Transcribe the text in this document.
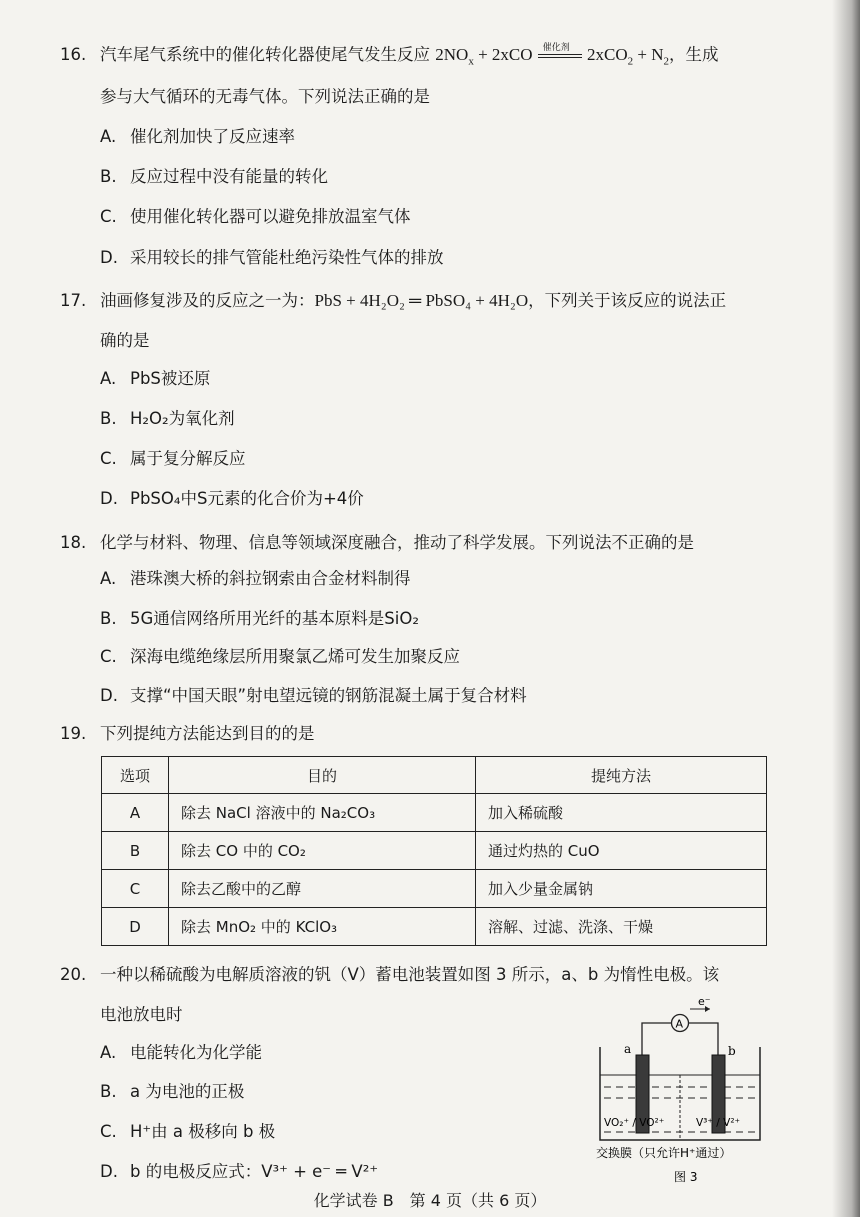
16. 汽车尾气系统中的催化转化器使尾气发生反应 $2NO_x + 2xCO$ 催化剂 $2xCO_2 + N_2$，生成
参与大气循环的无毒气体。下列说法正确的是
A. 催化剂加快了反应速率
B. 反应过程中没有能量的转化
C. 使用催化转化器可以避免排放温室气体
D. 采用较长的排气管能杜绝污染性气体的排放
17. 油画修复涉及的反应之一为：PbS + 4H₂O₂ ═ PbSO₄ + 4H₂O，下列关于该反应的说法正
确的是
A. PbS被还原
B. H₂O₂为氧化剂
C. 属于复分解反应
D. PbSO₄中S元素的化合价为+4价
18. 化学与材料、物理、信息等领域深度融合，推动了科学发展。下列说法不正确的是
A. 港珠澳大桥的斜拉钢索由合金材料制得
B. 5G通信网络所用光纤的基本原料是SiO₂
C. 深海电缆绝缘层所用聚氯乙烯可发生加聚反应
D. 支撑“中国天眼”射电望远镜的钢筋混凝土属于复合材料
19. 下列提纯方法能达到目的的是
选项	目的	提纯方法
A	除去 NaCl 溶液中的 Na₂CO₃	加入稀硫酸
B	除去 CO 中的 CO₂	通过灼热的 CuO
C	除去乙酸中的乙醇	加入少量金属钠
D	除去 MnO₂ 中的 KClO₃	溶解、过滤、洗涤、干燥
20. 一种以稀硫酸为电解质溶液的钒（V）蓄电池装置如图 3 所示，a、b 为惰性电极。该
电池放电时
A. 电能转化为化学能
B. a 为电池的正极
C. H⁺由 a 极移向 b 极
D. b 的电极反应式：V³⁺ + e⁻ ═ V²⁺
e⁻
A
a	b
VO₂⁺ / VO²⁺	V³⁺ / V²⁺
交换膜（只允许H⁺通过）
图 3
化学试卷 B　第 4 页（共 6 页）
